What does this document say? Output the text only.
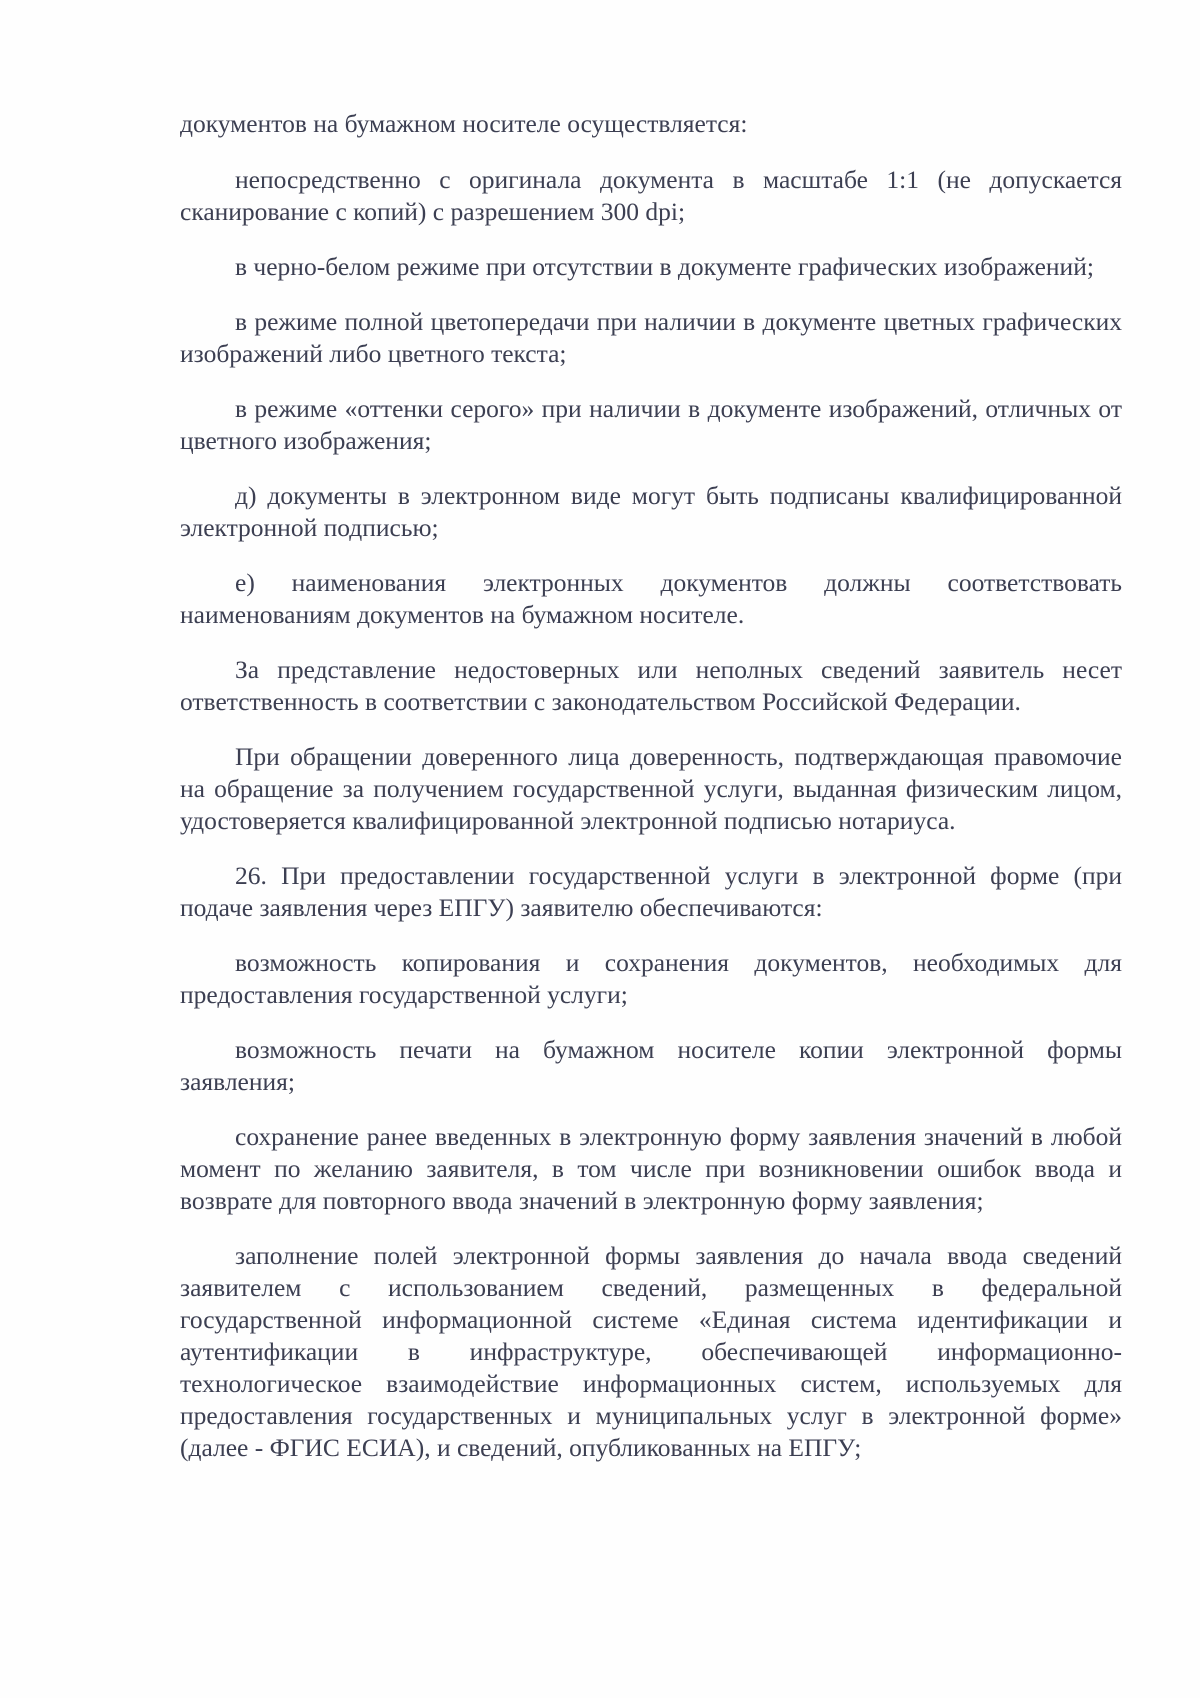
документов на бумажном носителе осуществляется:

непосредственно с оригинала документа в масштабе 1:1 (не допускается сканирование с копий) с разрешением 300 dpi;

в черно-белом режиме при отсутствии в документе графических изображений;

в режиме полной цветопередачи при наличии в документе цветных графических изображений либо цветного текста;

в режиме «оттенки серого» при наличии в документе изображений, отличных от цветного изображения;

д) документы в электронном виде могут быть подписаны квалифицированной электронной подписью;

е) наименования электронных документов должны соответствовать наименованиям документов на бумажном носителе.

За представление недостоверных или неполных сведений заявитель несет ответственность в соответствии с законодательством Российской Федерации.

При обращении доверенного лица доверенность, подтверждающая правомочие на обращение за получением государственной услуги, выданная физическим лицом, удостоверяется квалифицированной электронной подписью нотариуса.

26. При предоставлении государственной услуги в электронной форме (при подаче заявления через ЕПГУ) заявителю обеспечиваются:

возможность копирования и сохранения документов, необходимых для предоставления государственной услуги;

возможность печати на бумажном носителе копии электронной формы заявления;

сохранение ранее введенных в электронную форму заявления значений в любой момент по желанию заявителя, в том числе при возникновении ошибок ввода и возврате для повторного ввода значений в электронную форму заявления;

заполнение полей электронной формы заявления до начала ввода сведений заявителем с использованием сведений, размещенных в федеральной государственной информационной системе «Единая система идентификации и аутентификации в инфраструктуре, обеспечивающей информационно-технологическое взаимодействие информационных систем, используемых для предоставления государственных и муниципальных услуг в электронной форме» (далее - ФГИС ЕСИА), и сведений, опубликованных на ЕПГУ;
